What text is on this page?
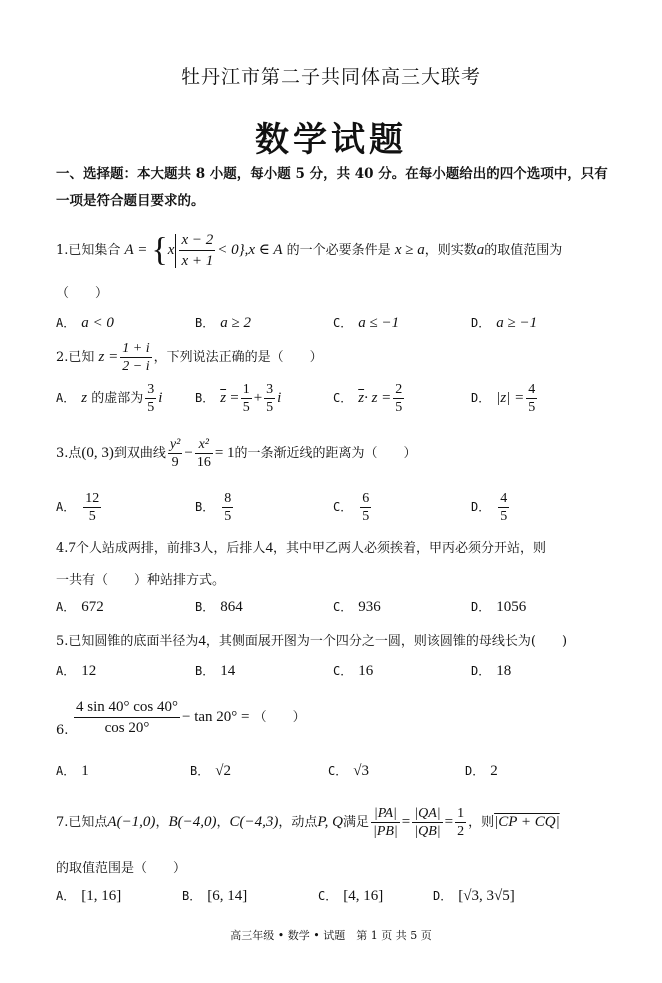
牡丹江市第二子共同体高三大联考
数学试题
一、选择题：本大题共 8 小题，每小题 5 分，共 40 分。在每小题给出的四个选项中，只有一项是符合题目要求的。
1.已知集合 $A = \{x \frac{x - 2}{x + 1} < 0\},x$ ∈ A 的一个必要条件是 x ≥ a，则实数a的取值范围为
（　　）
A． a < 0	B． a ≥ 2	C． a ≤ −1	D． a ≥ −1
2.已知 $z = \frac{1 + i}{2 - i}$ ，下列说法正确的是（　　）
A． z 的虚部为 $\frac{3}{5}$ i	B． $\overline{z} = \frac{1}{5} + \frac{3}{5}$ i	C． $\overline{z}\cdot z = \frac{2}{5}$	D． $|z| = \frac{4}{5}$
3.点(0, 3)到双曲线 $\frac{\text{y²}}{9} - \frac{\text{x²}}{16} = 1$的一条渐近线的距离为（　　）
A． $\frac{12}{5}$	B． $\frac{8}{5}$	C． $\frac{6}{5}$	D． $\frac{4}{5}$
4.7个人站成两排，前排3人，后排人4，其中甲乙两人必须挨着，甲丙必须分开站，则
一共有（　　）种站排方式。
A． 672	B． 864	C． 936	D． 1056
5.已知圆锥的底面半径为4，其侧面展开图为一个四分之一圆，则该圆锥的母线长为(　　)
A． 12	B． 14	C． 16	D． 18
$\frac{4 \sin 40^\circ \cos 40^\circ}{\cos 20^\circ} - \tan 20^\circ$ = （　　）
6.
A． 1	B． √2	C． √3	D． 2
7.已知点A(−1,0)，B(−4,0)，C(−4,3)，动点P, Q满足 $\frac{|PA|}{|PB|} = \frac{|QA|}{|QB|} = \frac{1}{2}$ ，则|CP + CQ|
的取值范围是（　　）
A． [1, 16]	B． [6, 14]	C． [4, 16]	D． [√3, 3√5]
高三年级 • 数学 • 试题　第 1 页 共 5 页
